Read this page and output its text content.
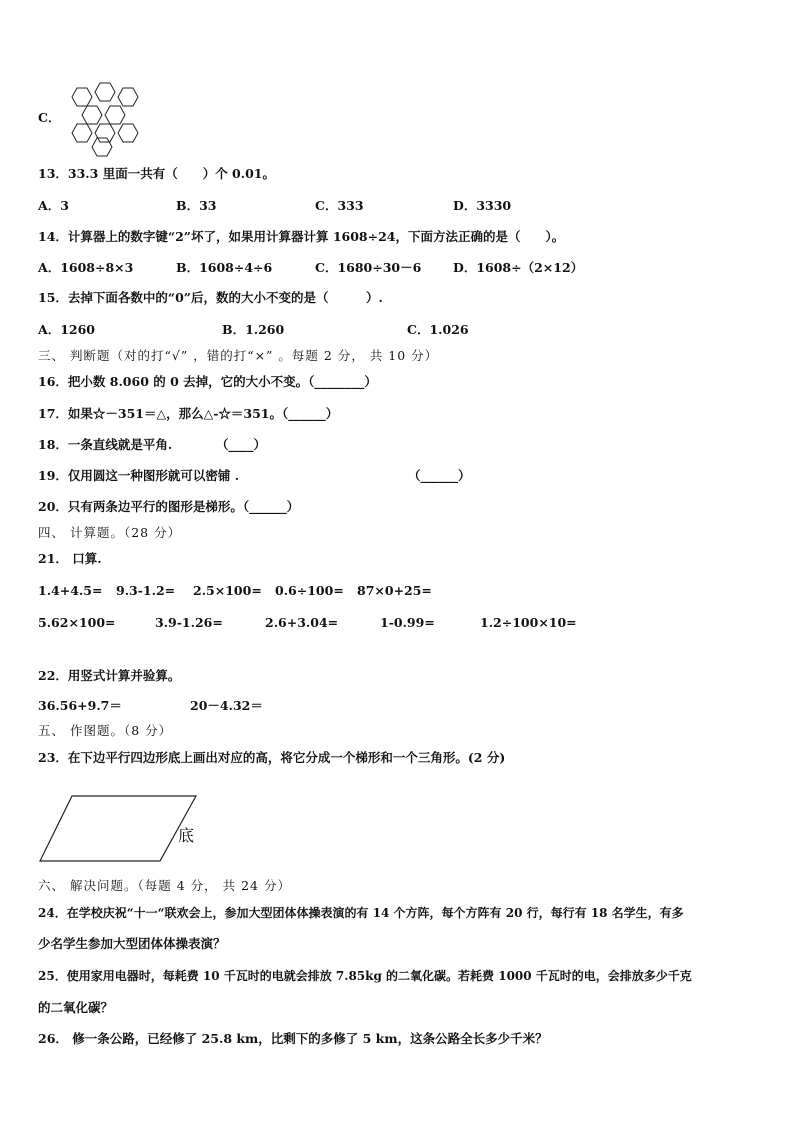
C．
13．33.3 里面一共有（　　）个 0.01。
A．3	B．33	C．333	D．3330
14．计算器上的数字键“2”坏了，如果用计算器计算 1608÷24，下面方法正确的是（　　）。
A．1608÷8×3	B．1608÷4÷6	C．1680÷30－6	D．1608÷（2×12）
15．去掉下面各数中的“0”后，数的大小不变的是（　　　）.
A．1260	B．1.260	C．1.026
三、 判断题（对的打“√” ，错的打“×” 。每题 2 分， 共 10 分）
16．把小数 8.060 的 0 去掉，它的大小不变。（________）
17．如果☆－351＝△，那么△-☆＝351。（______）
18．一条直线就是平角.　　　　（____）
19．仅用圆这一种图形就可以密铺 .	（______）
20．只有两条边平行的图形是梯形。（______）
四、 计算题。（28 分）
21． 口算.
1.4+4.5= 9.3-1.2= 2.5×100= 0.6÷100= 87×0+25=
5.62×100=	3.9-1.26=	2.6+3.04=	1-0.99=	1.2÷100×10=
22．用竖式计算并验算。
36.56+9.7＝	20－4.32＝
五、 作图题。（8 分）
23．在下边平行四边形底上画出对应的高，将它分成一个梯形和一个三角形。(2 分)
底
六、 解决问题。（每题 4 分， 共 24 分）
24．在学校庆祝“十一“联欢会上，参加大型团体体操表演的有 14 个方阵，每个方阵有 20 行，每行有 18 名学生，有多
少名学生参加大型团体体操表演？
25．使用家用电器时，每耗费 10 千瓦时的电就会排放 7.85kg 的二氧化碳。若耗费 1000 千瓦时的电，会排放多少千克
的二氧化碳？
26． 修一条公路，已经修了 25.8 km，比剩下的多修了 5 km，这条公路全长多少千米？
